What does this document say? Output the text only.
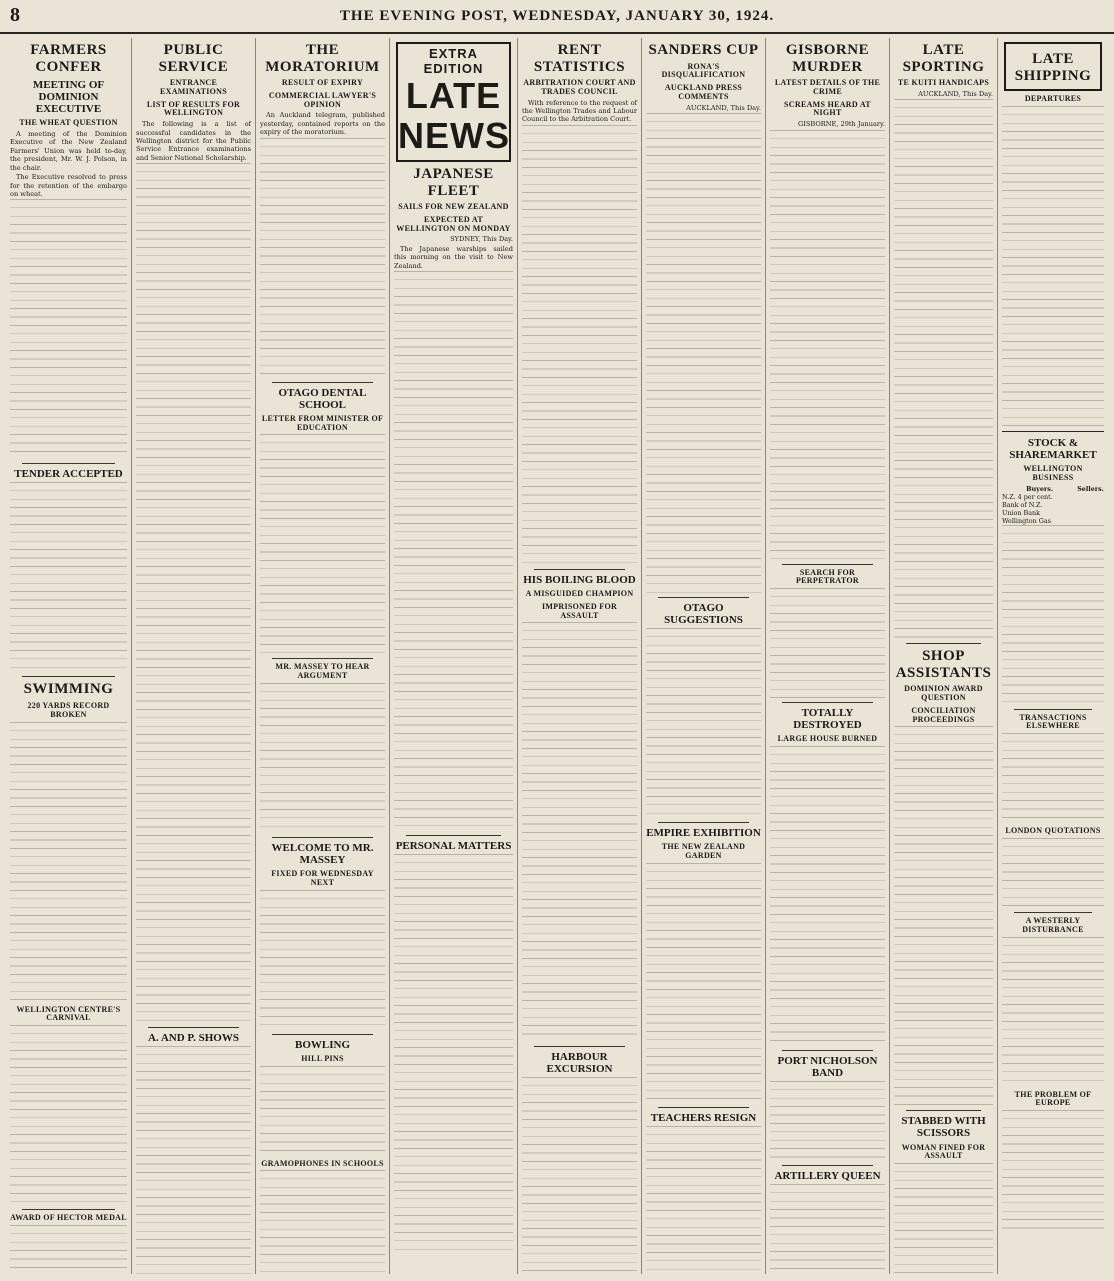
8	THE EVENING POST, WEDNESDAY, JANUARY 30, 1924.
FARMERS CONFER
MEETING OF DOMINION EXECUTIVE
THE WHEAT QUESTION

A meeting of the Dominion Executive of the New Zealand Farmers' Union was held to-day, the president, Mr. W. J. Polson, in the chair.

The Executive resolved to press for the retention of the embargo on wheat.

TENDER ACCEPTED
SWIMMING
220 YARDS RECORD BROKEN
WELLINGTON CENTRE'S CARNIVAL
AWARD OF HECTOR MEDAL
PUBLIC SERVICE
ENTRANCE EXAMINATIONS
LIST OF RESULTS FOR WELLINGTON

The following is a list of successful candidates in the Wellington district for the Public Service Entrance examinations and Senior National Scholarship.

A. AND P. SHOWS
THE MORATORIUM
RESULT OF EXPIRY
COMMERCIAL LAWYER'S OPINION

An Auckland telegram, published yesterday, contained reports on the expiry of the moratorium.

OTAGO DENTAL SCHOOL
LETTER FROM MINISTER OF EDUCATION
MR. MASSEY TO HEAR ARGUMENT
WELCOME TO MR. MASSEY
FIXED FOR WEDNESDAY NEXT
BOWLING
HILL PINS
GRAMOPHONES IN SCHOOLS
EXTRA EDITION
LATE NEWS
JAPANESE FLEET
SAILS FOR NEW ZEALAND
EXPECTED AT WELLINGTON ON MONDAY

SYDNEY, This Day.

The Japanese warships sailed this morning on the visit to New Zealand.

PERSONAL MATTERS
RENT STATISTICS
ARBITRATION COURT AND TRADES COUNCIL

With reference to the request of the Wellington Trades and Labour Council to the Arbitration Court.

HIS BOILING BLOOD
A MISGUIDED CHAMPION
IMPRISONED FOR ASSAULT
HARBOUR EXCURSION
SANDERS CUP
RONA'S DISQUALIFICATION
AUCKLAND PRESS COMMENTS

AUCKLAND, This Day.

OTAGO SUGGESTIONS
EMPIRE EXHIBITION
THE NEW ZEALAND GARDEN
TEACHERS RESIGN
GISBORNE MURDER
LATEST DETAILS OF THE CRIME
SCREAMS HEARD AT NIGHT

GISBORNE, 29th January.

SEARCH FOR PERPETRATOR
TOTALLY DESTROYED
LARGE HOUSE BURNED
PORT NICHOLSON BAND
ARTILLERY QUEEN
LATE SPORTING
TE KUITI HANDICAPS

AUCKLAND, This Day.

SHOP ASSISTANTS
DOMINION AWARD QUESTION
CONCILIATION PROCEEDINGS
STABBED WITH SCISSORS
WOMAN FINED FOR ASSAULT
LATE SHIPPING
DEPARTURES
STOCK & SHAREMARKET
WELLINGTON BUSINESS
Buyers.	Sellers.
N.Z. 4 per cent.
Bank of N.Z.
Union Bank
Wellington Gas
TRANSACTIONS ELSEWHERE
LONDON QUOTATIONS
A WESTERLY DISTURBANCE
THE PROBLEM OF EUROPE
